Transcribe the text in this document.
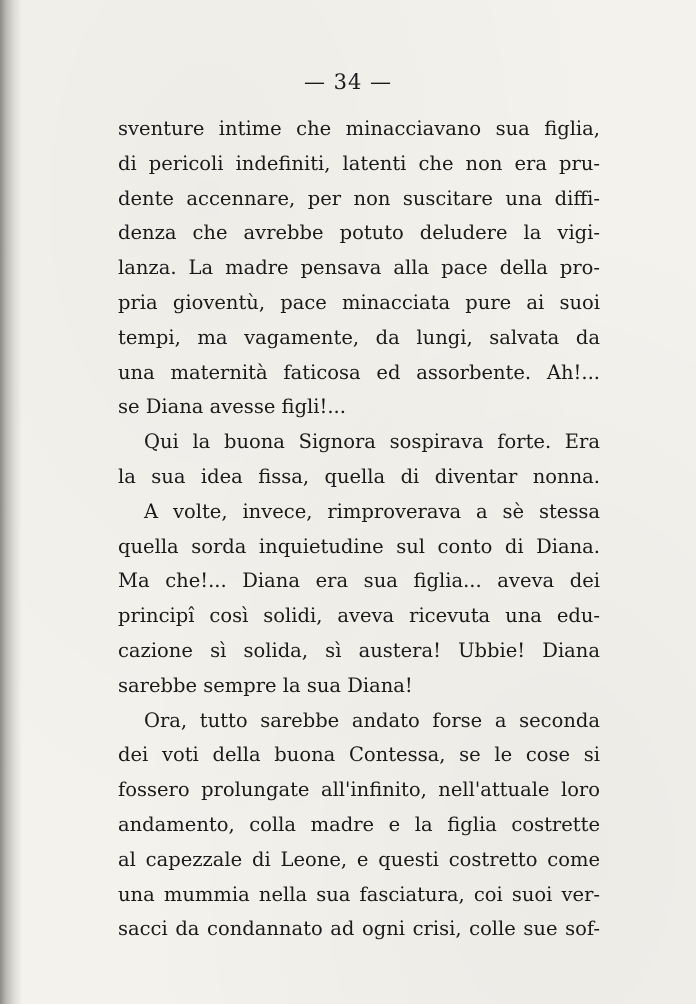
— 34 —
sventure intime che minacciavano sua figlia,
di pericoli indefiniti, latenti che non era pru-
dente accennare, per non suscitare una diffi-
denza che avrebbe potuto deludere la vigi-
lanza. La madre pensava alla pace della pro-
pria gioventù, pace minacciata pure ai suoi
tempi, ma vagamente, da lungi, salvata da
una maternità faticosa ed assorbente. Ah!...
se Diana avesse figli!...
Qui la buona Signora sospirava forte. Era
la sua idea fissa, quella di diventar nonna.
A volte, invece, rimproverava a sè stessa
quella sorda inquietudine sul conto di Diana.
Ma che!... Diana era sua figlia... aveva dei
principî così solidi, aveva ricevuta una edu-
cazione sì solida, sì austera! Ubbie! Diana
sarebbe sempre la sua Diana!
Ora, tutto sarebbe andato forse a seconda
dei voti della buona Contessa, se le cose si
fossero prolungate all'infinito, nell'attuale loro
andamento, colla madre e la figlia costrette
al capezzale di Leone, e questi costretto come
una mummia nella sua fasciatura, coi suoi ver-
sacci da condannato ad ogni crisi, colle sue sof-
